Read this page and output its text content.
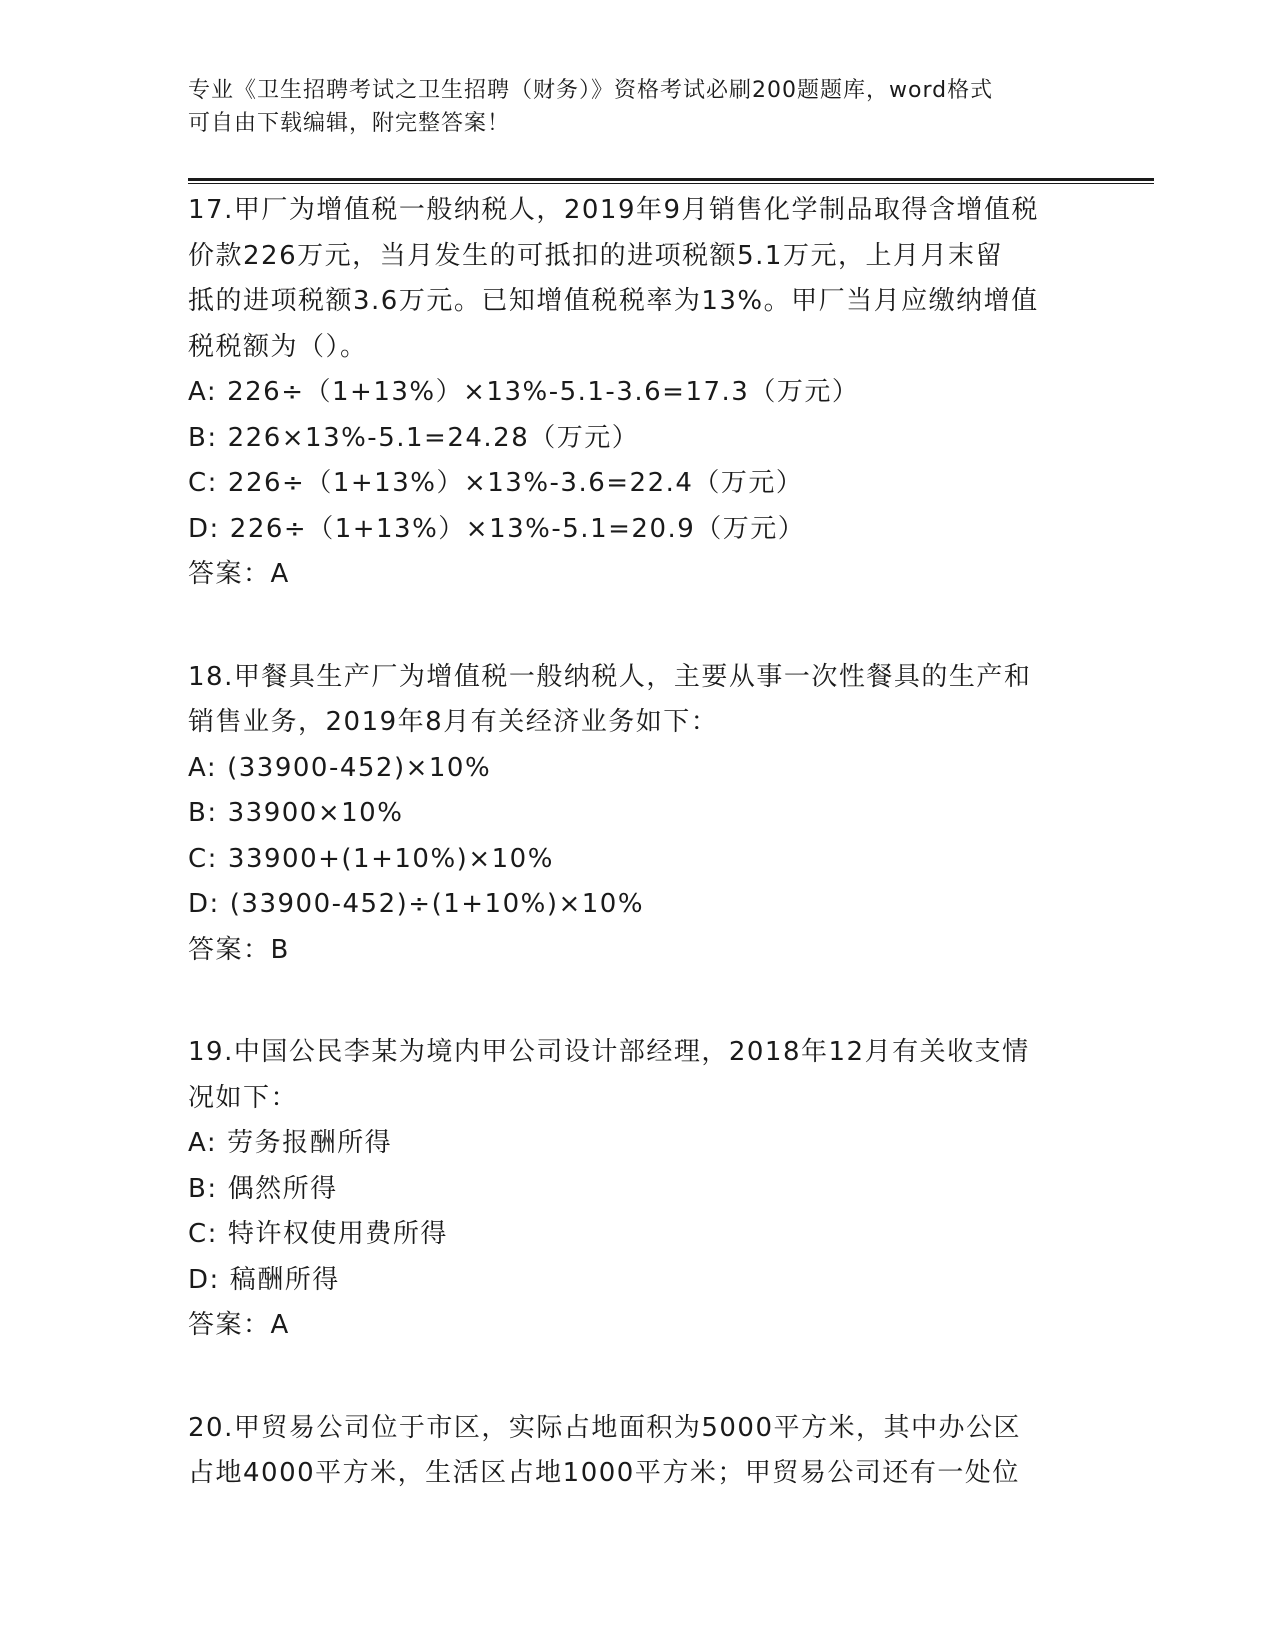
专业《卫生招聘考试之卫生招聘（财务）》资格考试必刷200题题库，word格式
可自由下载编辑，附完整答案！
17.甲厂为增值税一般纳税人，2019年9月销售化学制品取得含增值税
价款226万元，当月发生的可抵扣的进项税额5.1万元，上月月末留
抵的进项税额3.6万元。已知增值税税率为13%。甲厂当月应缴纳增值
税税额为（）。
A: 226÷（1+13%）×13%-5.1-3.6=17.3（万元）
B: 226×13%-5.1=24.28（万元）
C: 226÷（1+13%）×13%-3.6=22.4（万元）
D: 226÷（1+13%）×13%-5.1=20.9（万元）
答案：A
18.甲餐具生产厂为增值税一般纳税人，主要从事一次性餐具的生产和
销售业务，2019年8月有关经济业务如下：
A: (33900-452)×10%
B: 33900×10%
C: 33900+(1+10%)×10%
D: (33900-452)÷(1+10%)×10%
答案：B
19.中国公民李某为境内甲公司设计部经理，2018年12月有关收支情
况如下：
A: 劳务报酬所得
B: 偶然所得
C: 特许权使用费所得
D: 稿酬所得
答案：A
20.甲贸易公司位于市区，实际占地面积为5000平方米，其中办公区
占地4000平方米，生活区占地1000平方米；甲贸易公司还有一处位
